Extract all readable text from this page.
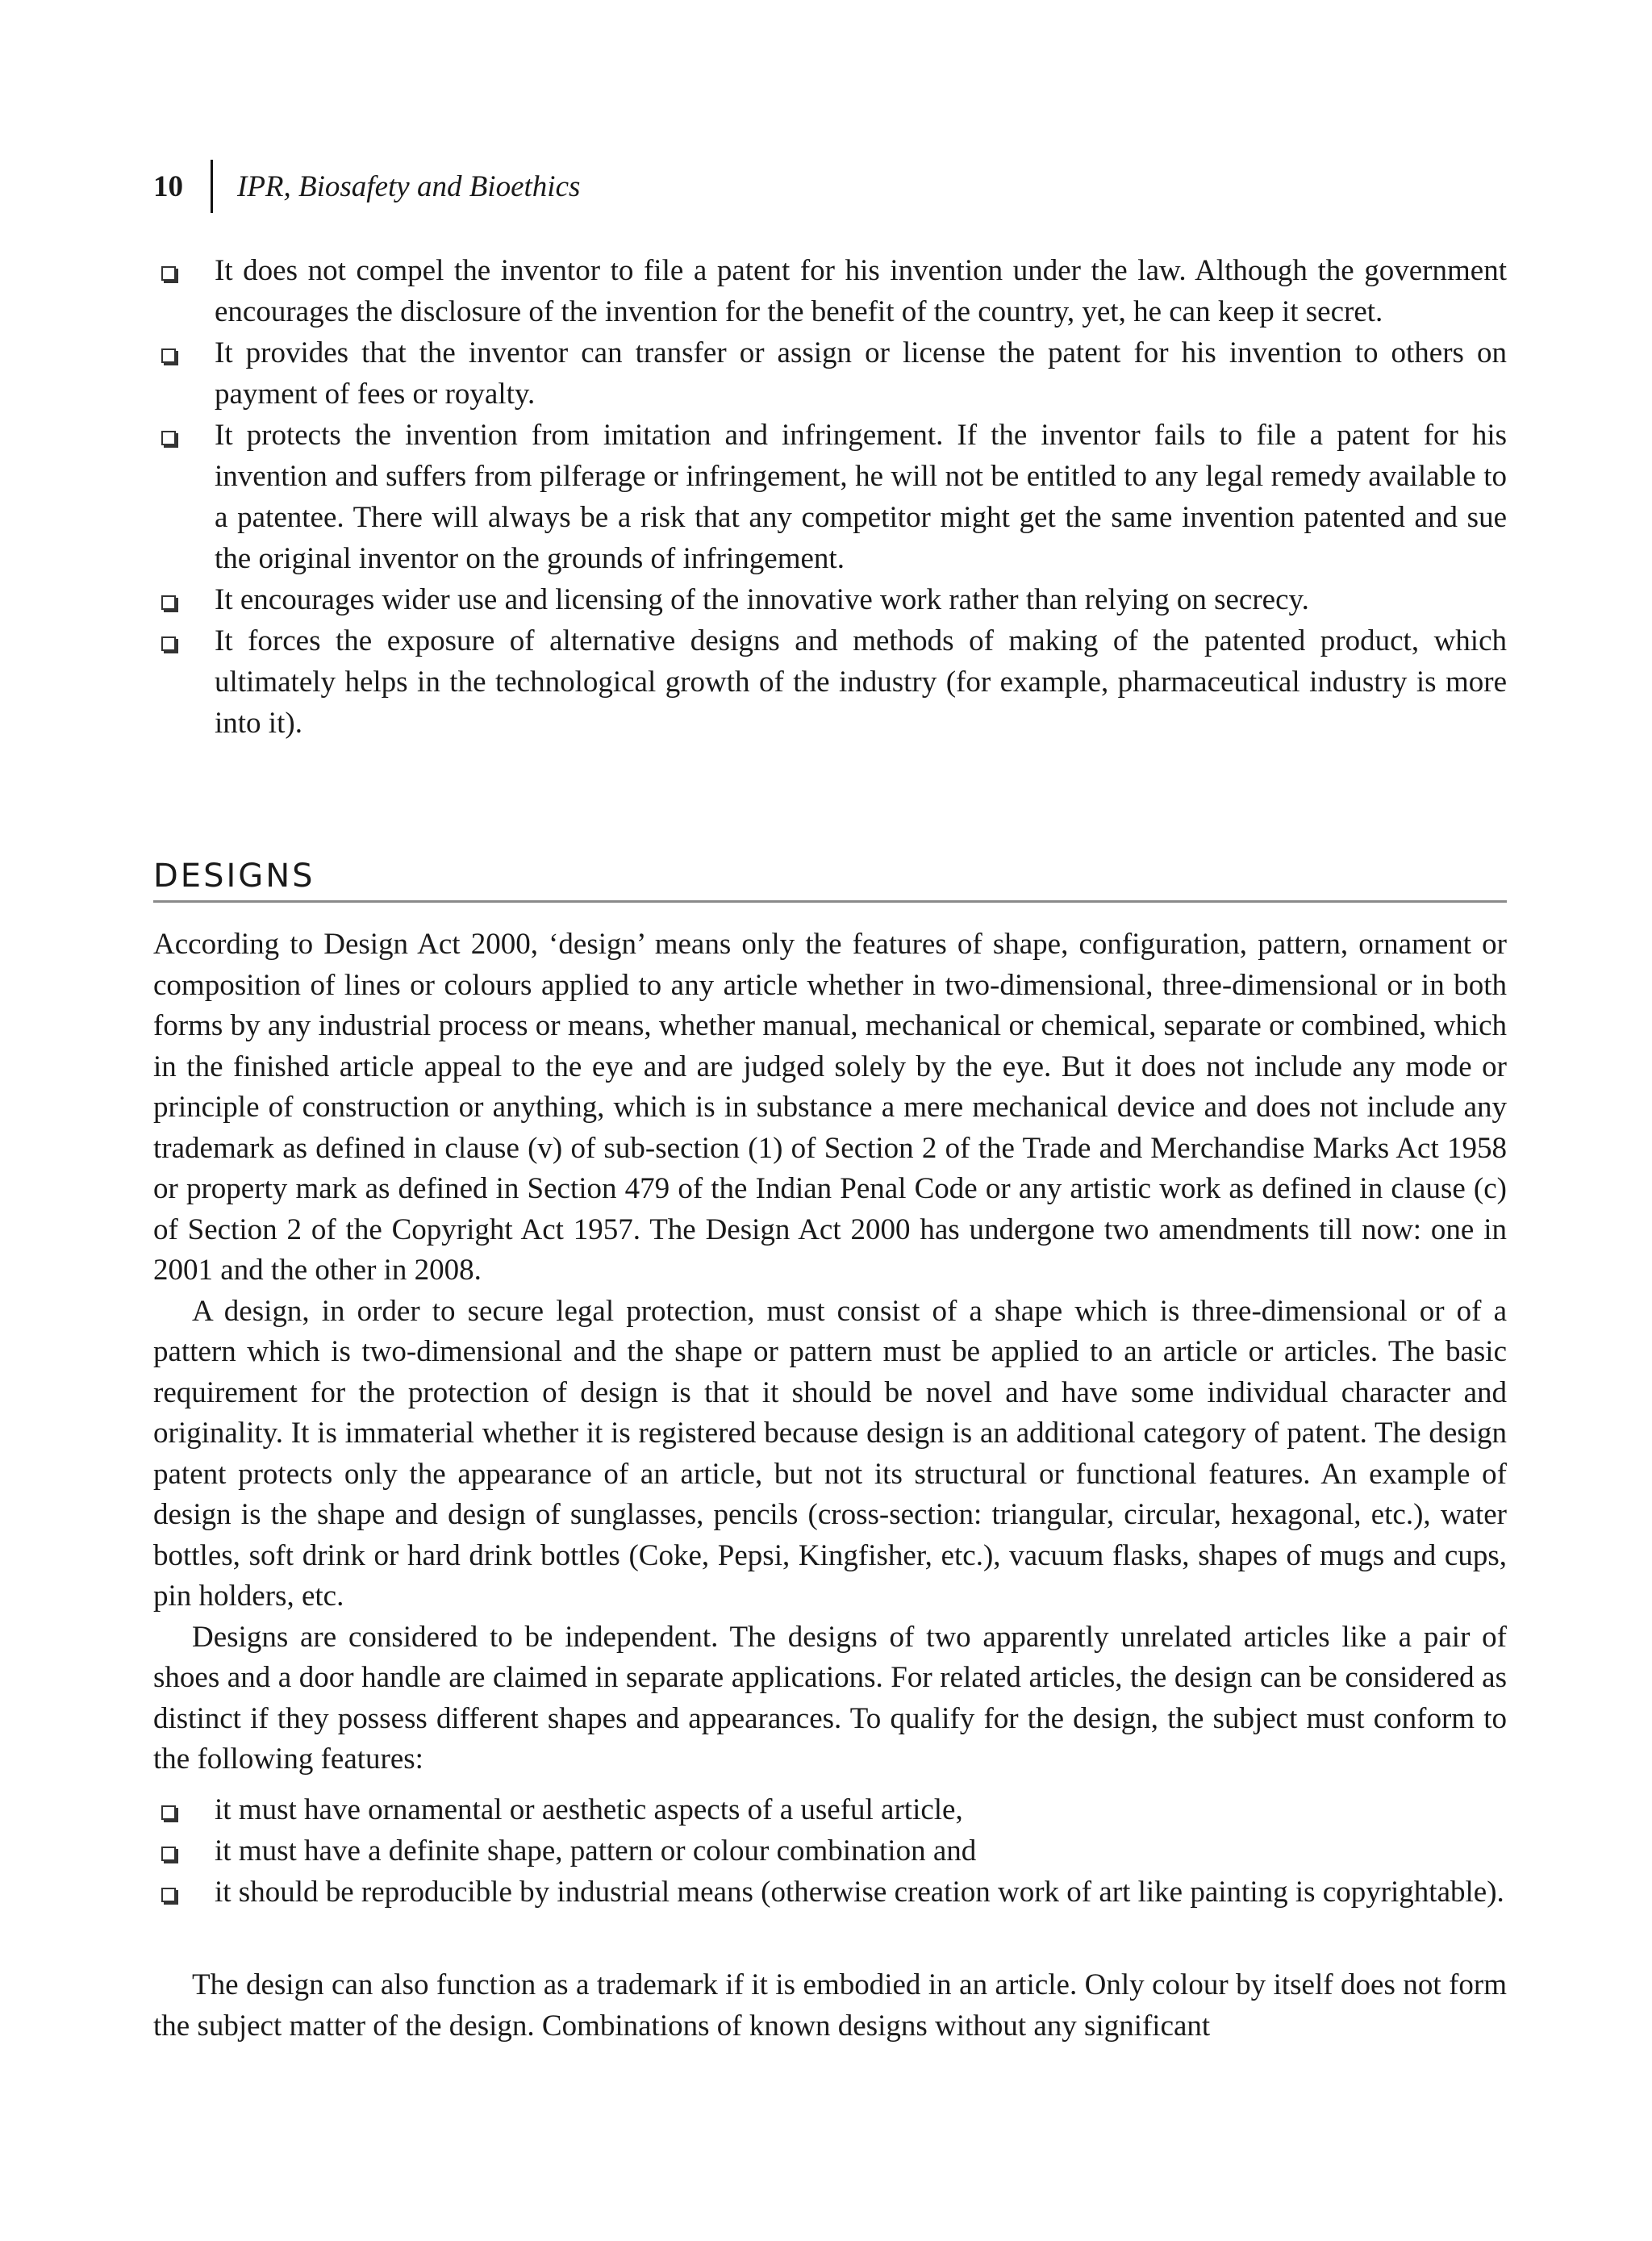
10 IPR, Biosafety and Bioethics
It does not compel the inventor to file a patent for his invention under the law. Although the government encourages the disclosure of the invention for the benefit of the country, yet, he can keep it secret.
It provides that the inventor can transfer or assign or license the patent for his invention to others on payment of fees or royalty.
It protects the invention from imitation and infringement. If the inventor fails to file a patent for his invention and suffers from pilferage or infringement, he will not be entitled to any legal remedy available to a patentee. There will always be a risk that any competitor might get the same invention patented and sue the original inventor on the grounds of infringement.
It encourages wider use and licensing of the innovative work rather than relying on secrecy.
It forces the exposure of alternative designs and methods of making of the patented product, which ultimately helps in the technological growth of the industry (for example, pharmaceutical industry is more into it).
DESIGNS

According to Design Act 2000, ‘design’ means only the features of shape, configuration, pattern, ornament or composition of lines or colours applied to any article whether in two-dimensional, three-dimensional or in both forms by any industrial process or means, whether manual, mechanical or chemical, separate or combined, which in the finished article appeal to the eye and are judged solely by the eye. But it does not include any mode or principle of construction or anything, which is in substance a mere mechanical device and does not include any trademark as defined in clause (v) of sub-section (1) of Section 2 of the Trade and Merchandise Marks Act 1958 or property mark as defined in Section 479 of the Indian Penal Code or any artistic work as defined in clause (c) of Section 2 of the Copyright Act 1957. The Design Act 2000 has undergone two amendments till now: one in 2001 and the other in 2008.

A design, in order to secure legal protection, must consist of a shape which is three-dimensional or of a pattern which is two-dimensional and the shape or pattern must be applied to an article or articles. The basic requirement for the protection of design is that it should be novel and have some individual character and originality. It is immaterial whether it is registered because design is an additional category of patent. The design patent protects only the appearance of an article, but not its structural or functional features. An example of design is the shape and design of sunglasses, pencils (cross-section: triangular, circular, hexagonal, etc.), water bottles, soft drink or hard drink bottles (Coke, Pepsi, Kingfisher, etc.), vacuum flasks, shapes of mugs and cups, pin holders, etc.

Designs are considered to be independent. The designs of two apparently unrelated articles like a pair of shoes and a door handle are claimed in separate applications. For related articles, the design can be considered as distinct if they possess different shapes and appearances. To qualify for the design, the subject must conform to the following features:

it must have ornamental or aesthetic aspects of a useful article,
it must have a definite shape, pattern or colour combination and
it should be reproducible by industrial means (otherwise creation work of art like painting is copyrightable).

The design can also function as a trademark if it is embodied in an article. Only colour by itself does not form the subject matter of the design. Combinations of known designs without any significant
